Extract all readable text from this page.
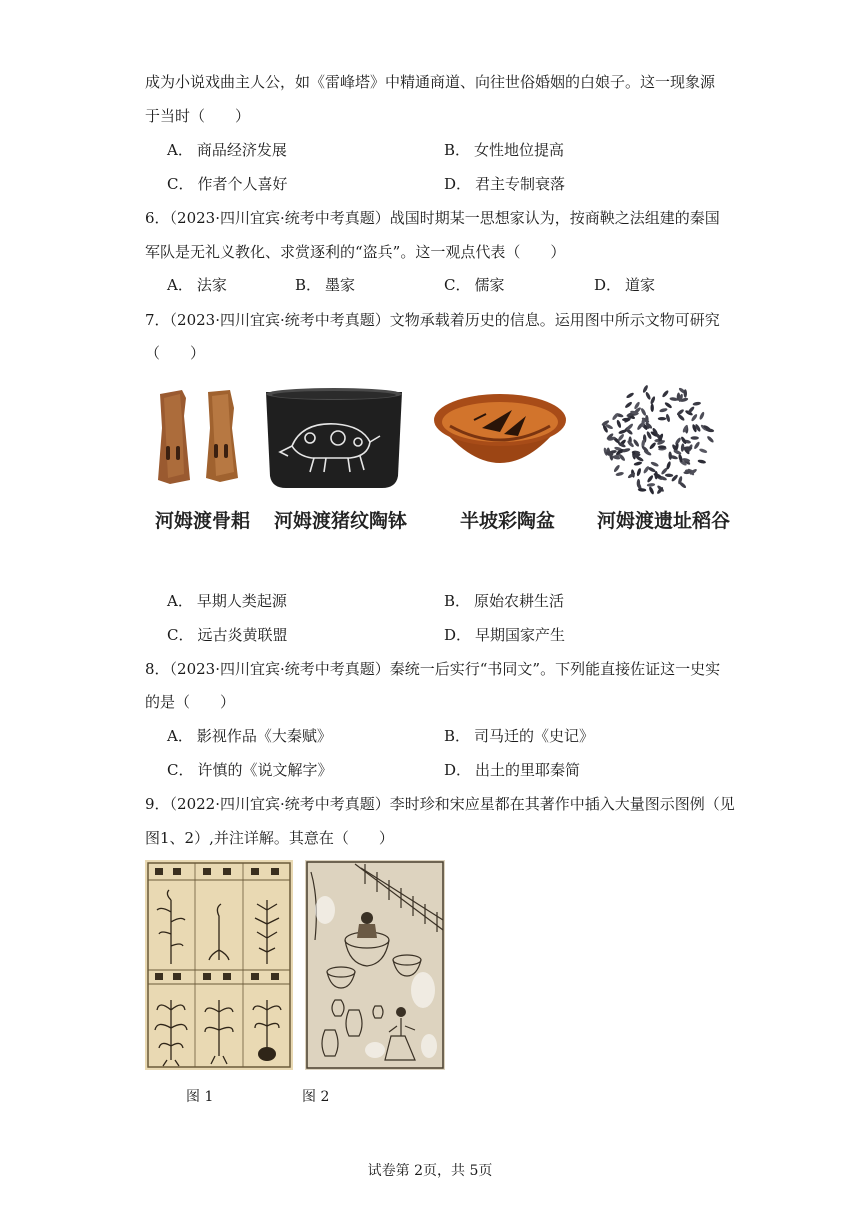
成为小说戏曲主人公，如《雷峰塔》中精通商道、向往世俗婚姻的白娘子。这一现象源
于当时（　　）
A． 商品经济发展	B． 女性地位提高
C． 作者个人喜好	D． 君主专制衰落
6．（2023·四川宜宾·统考中考真题）战国时期某一思想家认为，按商鞅之法组建的秦国
军队是无礼义教化、求赏逐利的“盗兵”。这一观点代表（　　）
A． 法家	B． 墨家	C． 儒家	D． 道家
7．（2023·四川宜宾·统考中考真题）文物承载着历史的信息。运用图中所示文物可研究
（　　）
河姆渡骨耜 河姆渡猪纹陶钵	半坡彩陶盆 河姆渡遗址稻谷
A． 早期人类起源	B． 原始农耕生活
C． 远古炎黄联盟	D． 早期国家产生
8．（2023·四川宜宾·统考中考真题）秦统一后实行“书同文”。下列能直接佐证这一史实
的是（　　）
A． 影视作品《大秦赋》	B． 司马迁的《史记》
C． 许慎的《说文解字》	D． 出土的里耶秦简
9．（2022·四川宜宾·统考中考真题）李时珍和宋应星都在其著作中插入大量图示图例（见
图1、2）,并注详解。其意在（　　）
图 1	图 2
试卷第 2页，共 5页
